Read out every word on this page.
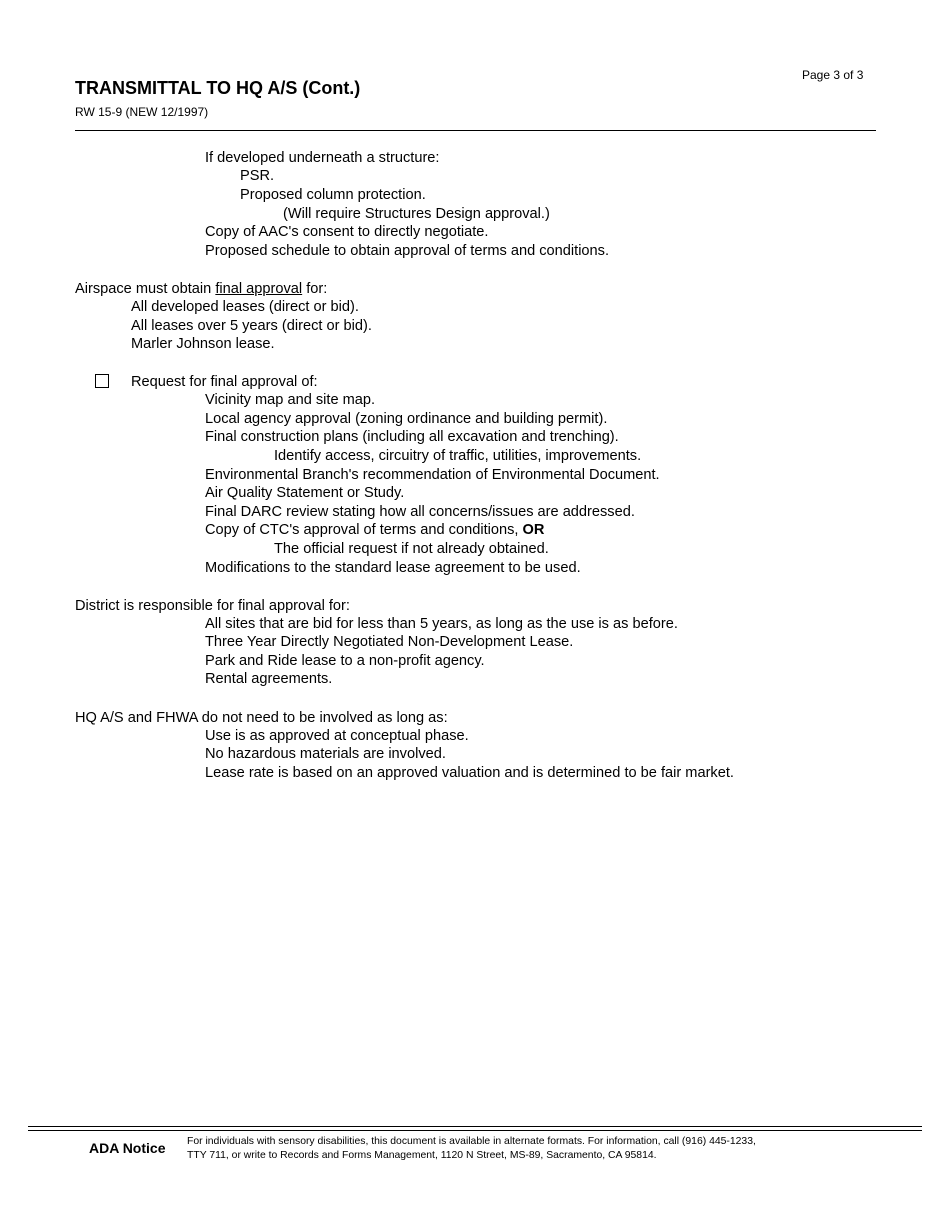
TRANSMITTAL TO HQ A/S (Cont.)
RW 15-9 (NEW 12/1997)
Page 3 of 3
If developed underneath a structure:
PSR.
Proposed column protection.
(Will require Structures Design approval.)
Copy of AAC's consent to directly negotiate.
Proposed schedule to obtain approval of terms and conditions.
Airspace must obtain final approval for:
All developed leases (direct or bid).
All leases over 5 years (direct or bid).
Marler Johnson lease.
Request for final approval of:
Vicinity map and site map.
Local agency approval (zoning ordinance and building permit).
Final construction plans (including all excavation and trenching).
Identify access, circuitry of traffic, utilities, improvements.
Environmental Branch's recommendation of Environmental Document.
Air Quality Statement or Study.
Final DARC review stating how all concerns/issues are addressed.
Copy of CTC's approval of terms and conditions, OR
The official request if not already obtained.
Modifications to the standard lease agreement to be used.
District is responsible for final approval for:
All sites that are bid for less than 5 years, as long as the use is as before.
Three Year Directly Negotiated Non-Development Lease.
Park and Ride lease to a non-profit agency.
Rental agreements.
HQ A/S and FHWA do not need to be involved as long as:
Use is as approved at conceptual phase.
No hazardous materials are involved.
Lease rate is based on an approved valuation and is determined to be fair market.
ADA Notice For individuals with sensory disabilities, this document is available in alternate formats. For information, call (916) 445-1233,
TTY 711, or write to Records and Forms Management, 1120 N Street, MS-89, Sacramento, CA 95814.
